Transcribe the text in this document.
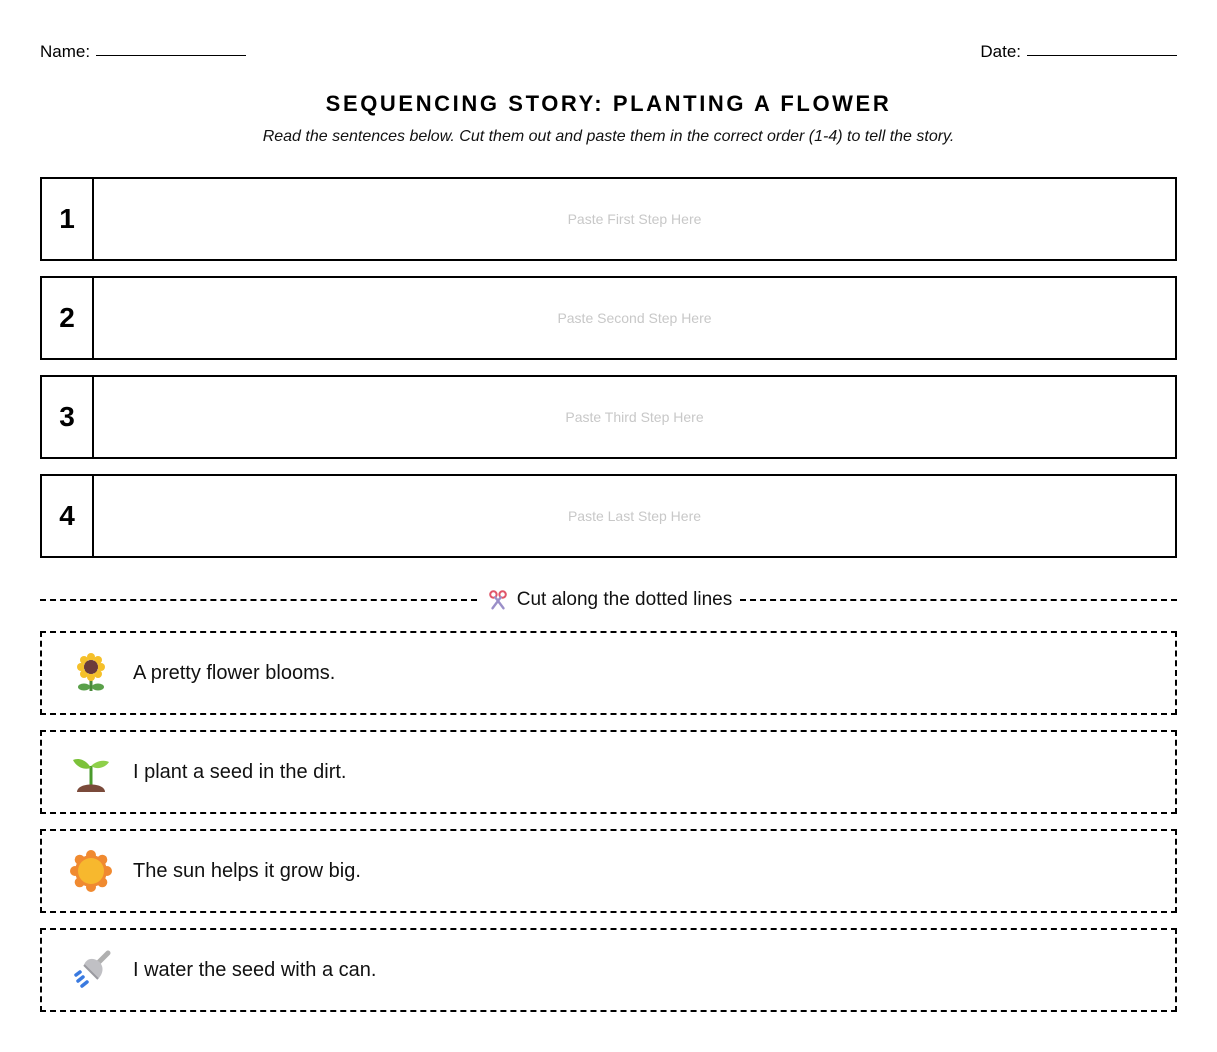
Name:	Date:
SEQUENCING STORY: PLANTING A FLOWER
Read the sentences below. Cut them out and paste them in the correct order (1-4) to tell the story.
1	Paste First Step Here
2	Paste Second Step Here
3	Paste Third Step Here
4	Paste Last Step Here
Cut along the dotted lines
A pretty flower blooms.
I plant a seed in the dirt.
The sun helps it grow big.
I water the seed with a can.
